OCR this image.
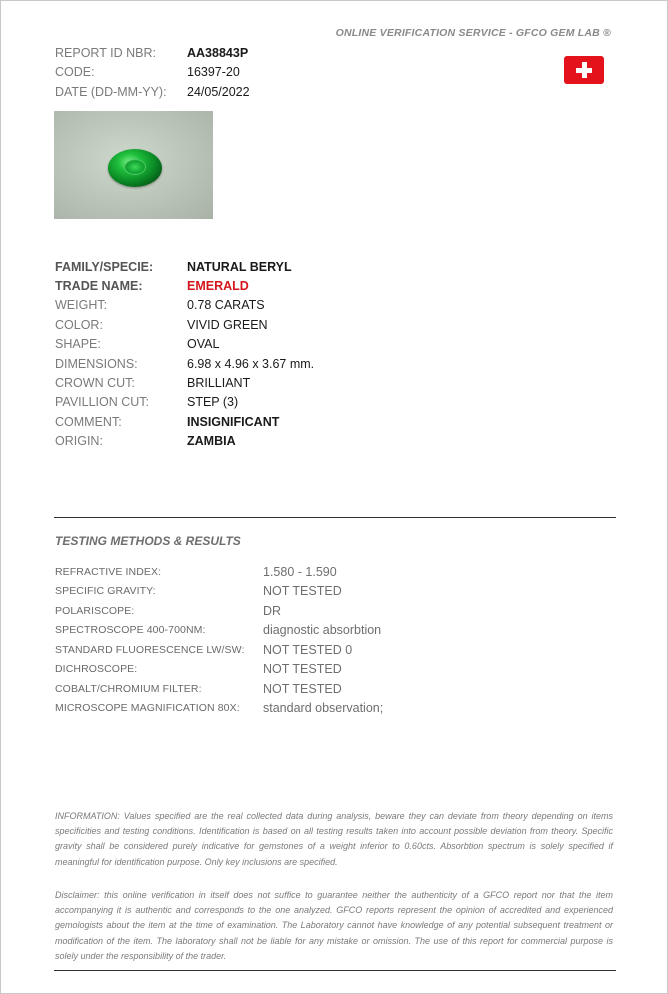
ONLINE VERIFICATION SERVICE - GFCO GEM LAB ®
REPORT ID NBR:	AA38843P
CODE:	16397-20
DATE (DD-MM-YY):	24/05/2022
FAMILY/SPECIE:	NATURAL BERYL
TRADE NAME:	EMERALD
WEIGHT:	0.78 CARATS
COLOR:	VIVID GREEN
SHAPE:	OVAL
DIMENSIONS:	6.98 x 4.96 x 3.67 mm.
CROWN CUT:	BRILLIANT
PAVILLION CUT:	STEP (3)
COMMENT:	INSIGNIFICANT
ORIGIN:	ZAMBIA
TESTING METHODS & RESULTS
REFRACTIVE INDEX:	1.580 - 1.590
SPECIFIC GRAVITY:	NOT TESTED
POLARISCOPE:	DR
SPECTROSCOPE 400-700NM:	diagnostic absorbtion
STANDARD FLUORESCENCE LW/SW:	NOT TESTED 0
DICHROSCOPE:	NOT TESTED
COBALT/CHROMIUM FILTER:	NOT TESTED
MICROSCOPE MAGNIFICATION 80X:	standard observation;

INFORMATION: Values specified are the real collected data during analysis, beware they can deviate from theory depending on items specificities and testing conditions. Identification is based on all testing results taken into account possible deviation from theory. Specific gravity shall be considered purely indicative for gemstones of a weight inferior to 0.60cts. Absorbtion spectrum is solely specified if meaningful for identification purpose. Only key inclusions are specified.

Disclaimer: this online verification in itself does not suffice to guarantee neither the authenticity of a GFCO report nor that the item accompanying it is authentic and corresponds to the one analyzed. GFCO reports represent the opinion of accredited and experienced gemologists about the item at the time of examination. The Laboratory cannot have knowledge of any potential subsequent treatment or modification of the item. The laboratory shall not be liable for any mistake or omission. The use of this report for commercial purpose is solely under the responsibility of the trader.
